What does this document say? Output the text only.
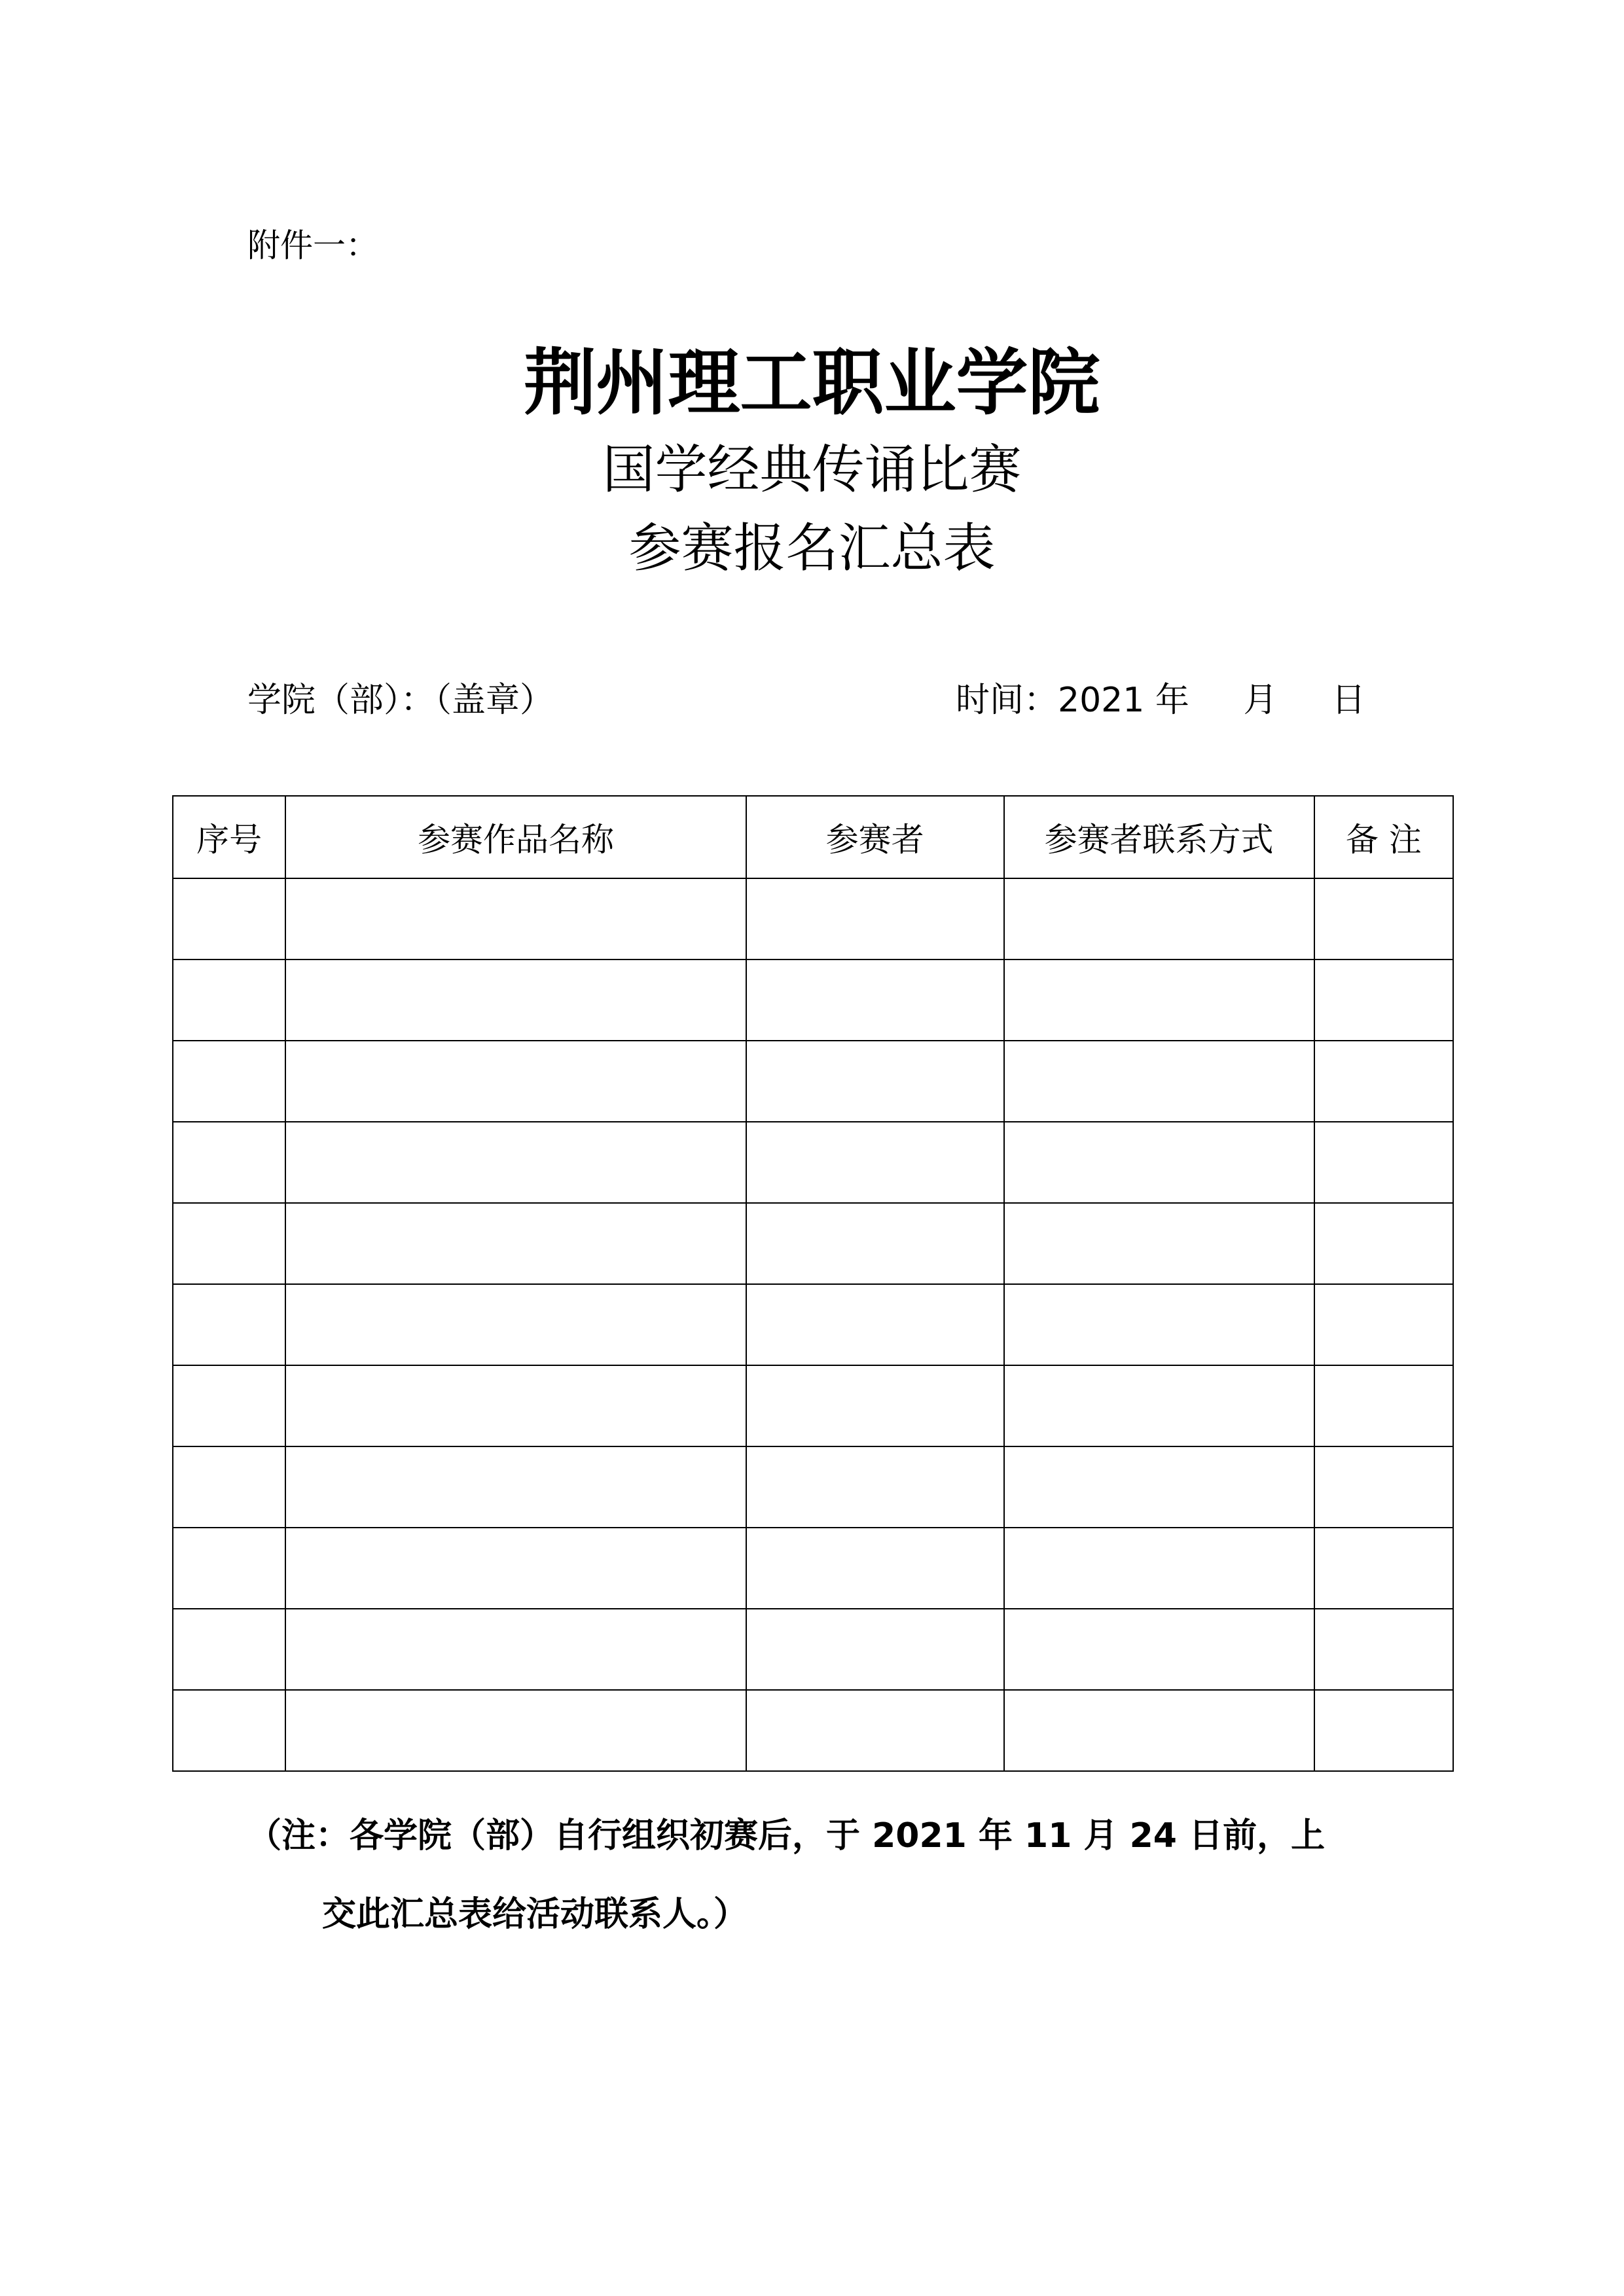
附件一：
荆州理工职业学院
国学经典传诵比赛
参赛报名汇总表
学院（部）：（盖章）	时间：2021 年     月     日
序号	参赛作品名称	参赛者	参赛者联系方式	备 注

（注：各学院（部）自行组织初赛后，于 2021 年 11 月 24 日前，上
交此汇总表给活动联系人。）
